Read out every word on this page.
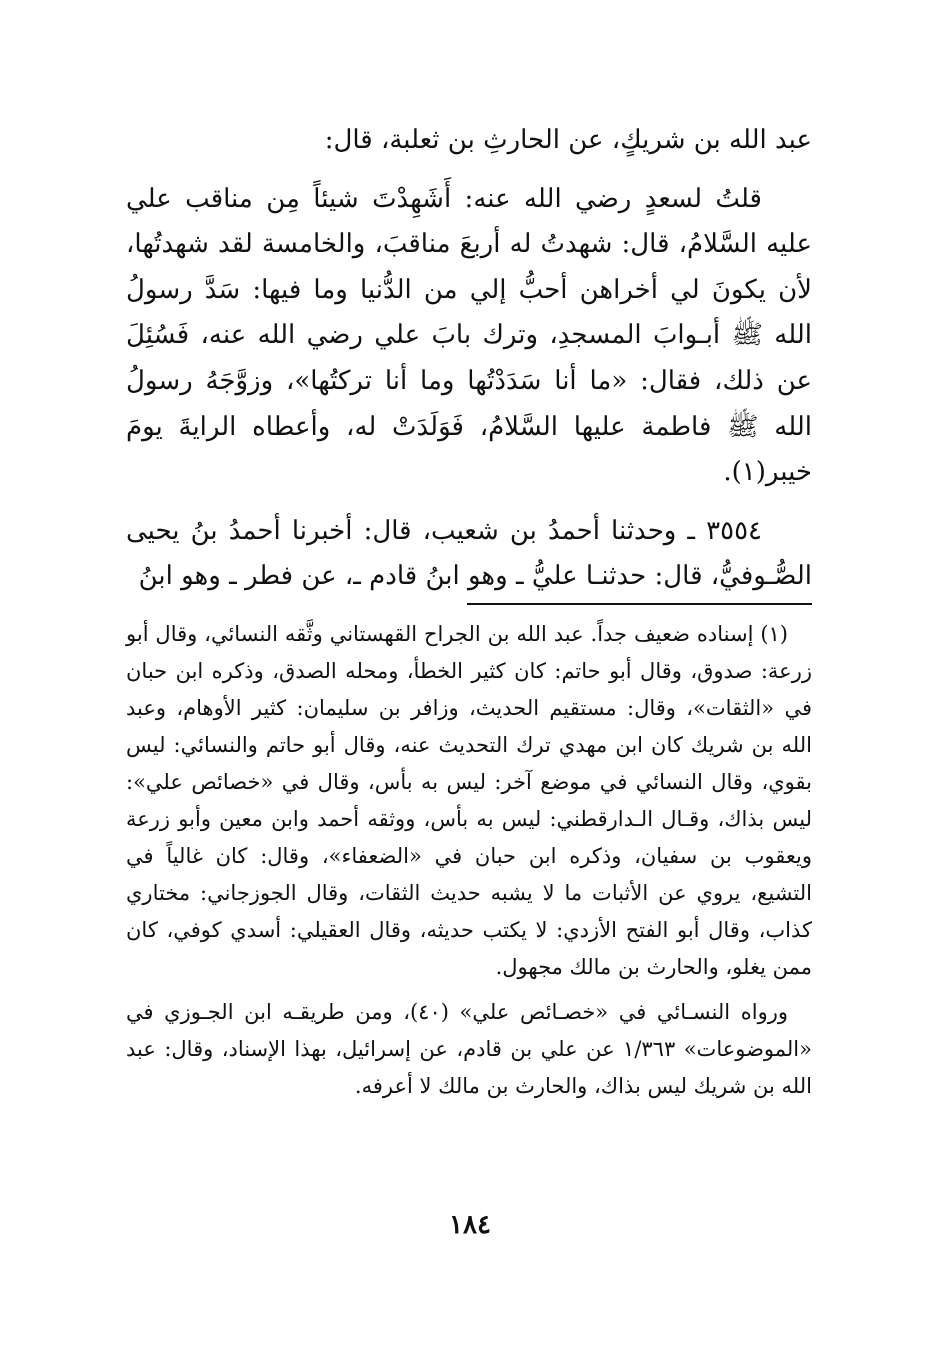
عبد الله بن شريكٍ، عن الحارثِ بن ثعلبة، قال:

قلتُ لسعدٍ رضي الله عنه: أَشَهِدْتَ شيئاً مِن مناقب علي عليه السَّلامُ، قال: شهدتُ له أربعَ مناقبَ، والخامسة لقد شهدتُها، لأن يكونَ لي أخراهن أحبُّ إلي من الدُّنيا وما فيها: سَدَّ رسولُ الله ﷺ أبـوابَ المسجدِ، وترك بابَ علي رضي الله عنه، فَسُئِلَ عن ذلك، فقال: «ما أنا سَدَدْتُها وما أنا تركتُها»، وزوَّجَهُ رسولُ الله ﷺ فاطمة عليها السَّلامُ، فَوَلَدَتْ له، وأعطاه الرايةَ يومَ خيبر(١).

٣٥٥٤ ـ وحدثنا أحمدُ بن شعيب، قال: أخبرنا أحمدُ بنُ يحيى الصُّـوفيُّ، قال: حدثنـا عليُّ ـ وهو ابنُ قادم ـ، عن فطر ـ وهو ابنُ

(١) إسناده ضعيف جداً. عبد الله بن الجراح القهستاني وثَّقه النسائي، وقال أبو زرعة: صدوق، وقال أبو حاتم: كان كثير الخطأ، ومحله الصدق، وذكره ابن حبان في «الثقات»، وقال: مستقيم الحديث، وزافر بن سليمان: كثير الأوهام، وعبد الله بن شريك كان ابن مهدي ترك التحديث عنه، وقال أبو حاتم والنسائي: ليس بقوي، وقال النسائي في موضع آخر: ليس به بأس، وقال في «خصائص علي»: ليس بذاك، وقـال الـدارقطني: ليس به بأس، ووثقه أحمد وابن معين وأبو زرعة ويعقوب بن سفيان، وذكره ابن حبان في «الضعفاء»، وقال: كان غالياً في التشيع، يروي عن الأثبات ما لا يشبه حديث الثقات، وقال الجوزجاني: مختاري كذاب، وقال أبو الفتح الأزدي: لا يكتب حديثه، وقال العقيلي: أسدي كوفي، كان ممن يغلو، والحارث بن مالك مجهول.

ورواه النسـائي في «خصـائص علي» (٤٠)، ومن طريقـه ابن الجـوزي في «الموضوعات» ١/٣٦٣ عن علي بن قادم، عن إسرائيل، بهذا الإسناد، وقال: عبد الله بن شريك ليس بذاك، والحارث بن مالك لا أعرفه.

١٨٤
